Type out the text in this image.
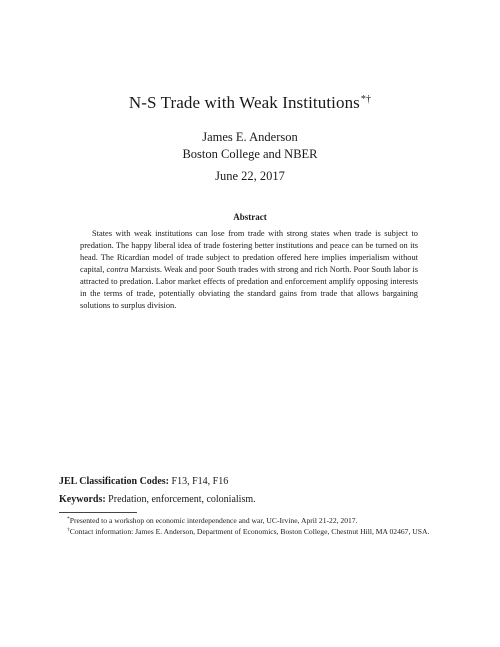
N-S Trade with Weak Institutions*†
James E. Anderson
Boston College and NBER
June 22, 2017
Abstract
States with weak institutions can lose from trade with strong states when trade is subject to predation. The happy liberal idea of trade fostering better institutions and peace can be turned on its head. The Ricardian model of trade subject to predation offered here implies imperialism without capital, contra Marxists. Weak and poor South trades with strong and rich North. Poor South labor is attracted to predation. Labor market effects of predation and enforcement amplify opposing interests in the terms of trade, potentially obviating the standard gains from trade that allows bargaining solutions to surplus division.
JEL Classification Codes: F13, F14, F16
Keywords: Predation, enforcement, colonialism.

*Presented to a workshop on economic interdependence and war, UC-Irvine, April 21-22, 2017.

†Contact information: James E. Anderson, Department of Economics, Boston College, Chestnut Hill, MA 02467, USA.
